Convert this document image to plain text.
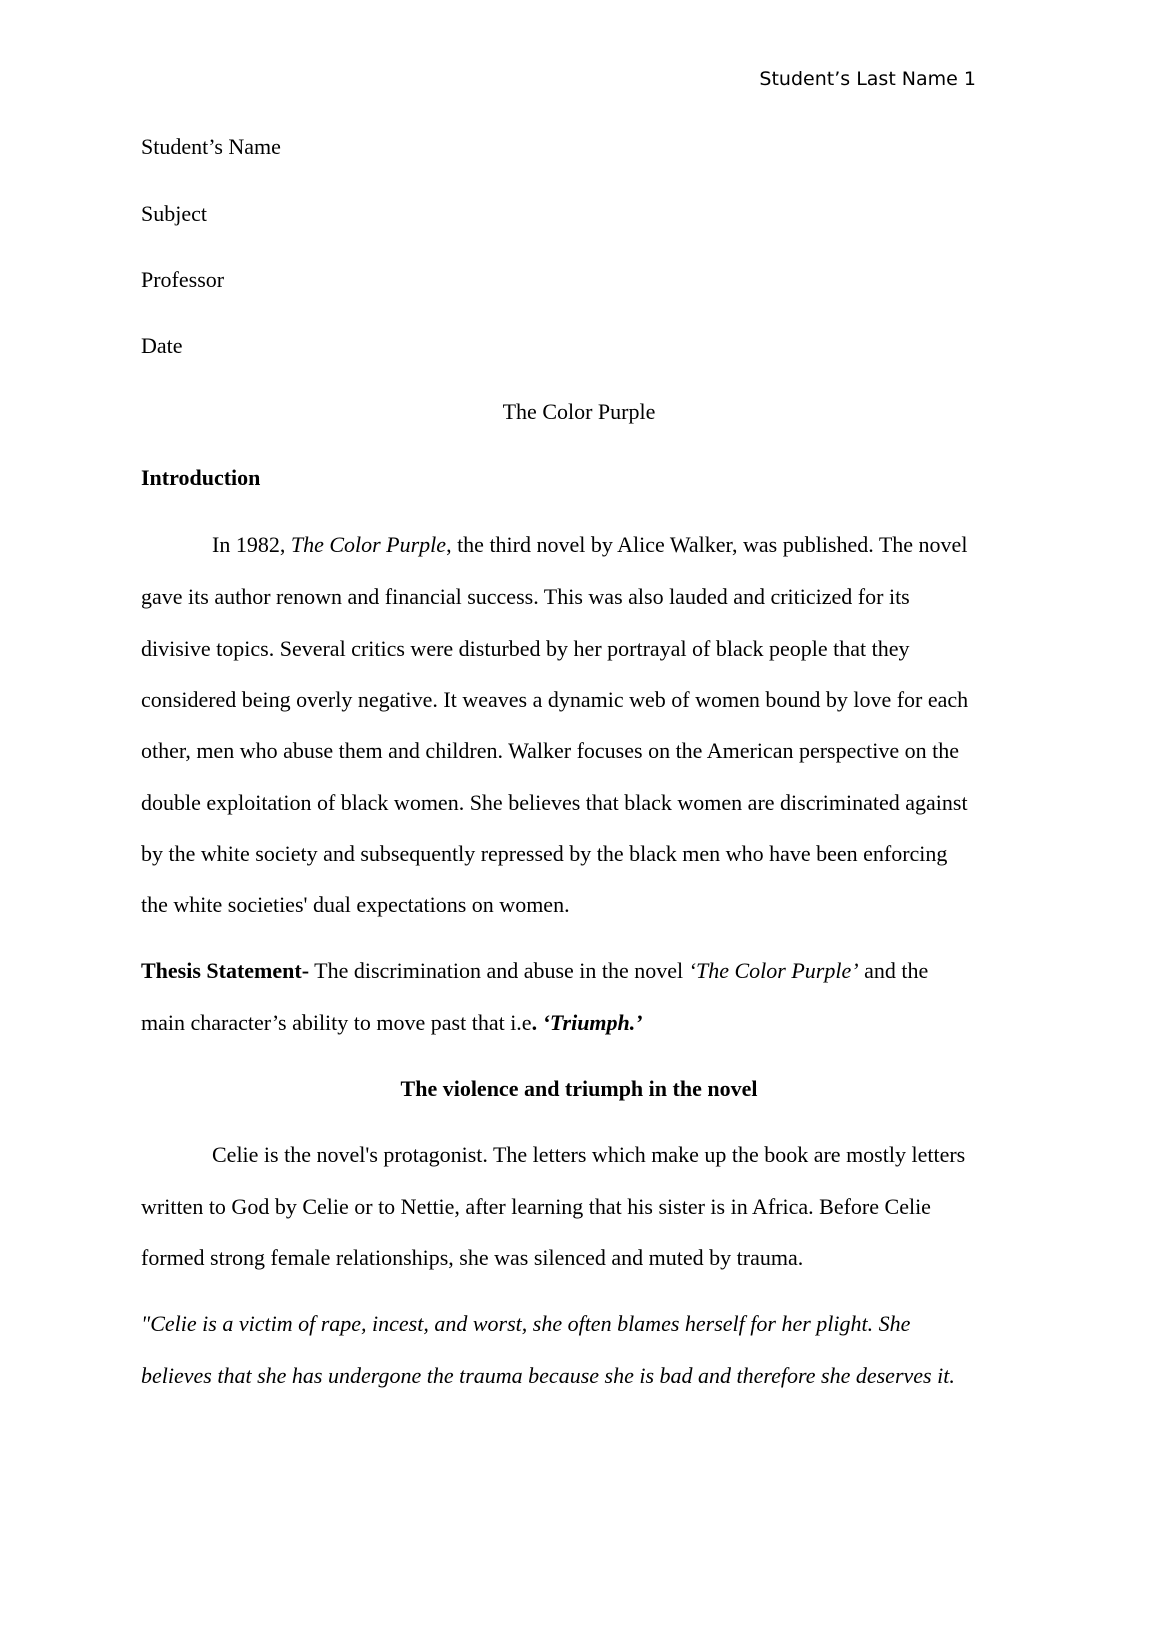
Student’s Last Name 1
Student’s Name
Subject
Professor
Date
The Color Purple
Introduction
In 1982, The Color Purple, the third novel by Alice Walker, was published. The novel
gave its author renown and financial success. This was also lauded and criticized for its
divisive topics. Several critics were disturbed by her portrayal of black people that they
considered being overly negative. It weaves a dynamic web of women bound by love for each
other, men who abuse them and children. Walker focuses on the American perspective on the
double exploitation of black women. She believes that black women are discriminated against
by the white society and subsequently repressed by the black men who have been enforcing
the white societies' dual expectations on women.
Thesis Statement- The discrimination and abuse in the novel ‘The Color Purple’ and the
main character’s ability to move past that i.e. ‘Triumph.’
The violence and triumph in the novel
Celie is the novel's protagonist. The letters which make up the book are mostly letters
written to God by Celie or to Nettie, after learning that his sister is in Africa. Before Celie
formed strong female relationships, she was silenced and muted by trauma.
"Celie is a victim of rape, incest, and worst, she often blames herself for her plight. She
believes that she has undergone the trauma because she is bad and therefore she deserves it.
